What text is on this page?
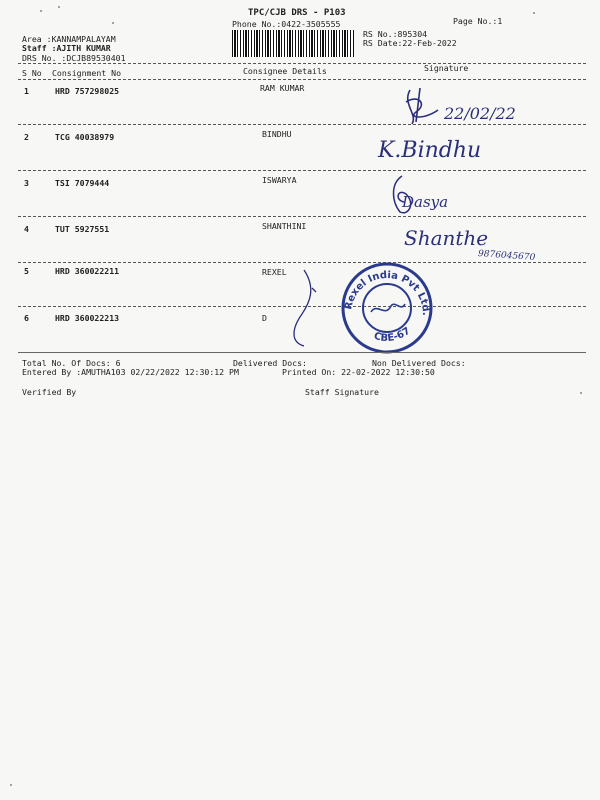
TPC/CJB DRS - P103
Phone No.:0422-3505555	Page No.:1
RS No.:895304
RS Date:22-Feb-2022
Area :KANNAMPALAYAM
Staff :AJITH KUMAR
DRS No. :DCJB89530401
S No Consignment No	Consignee Details	Signature
1	HRD 757298025	RAM KUMAR
22/02/22
2	TCG 40038979	BINDHU
K.Bindhu
3	TSI 7079444	ISWARYA
Dasya
4	TUT 5927551	SHANTHINI	Shanthe
9876045670
5	HRD 360022211	REXEL
6	HRD 360022213	D
Rexel India Pvt Ltd.
CBE-67
Total No. Of Docs: 6	Delivered Docs:	Non Delivered Docs:
Entered By :AMUTHA103 02/22/2022 12:30:12 PM	Printed On: 22-02-2022 12:30:50
Verified By	Staff Signature
